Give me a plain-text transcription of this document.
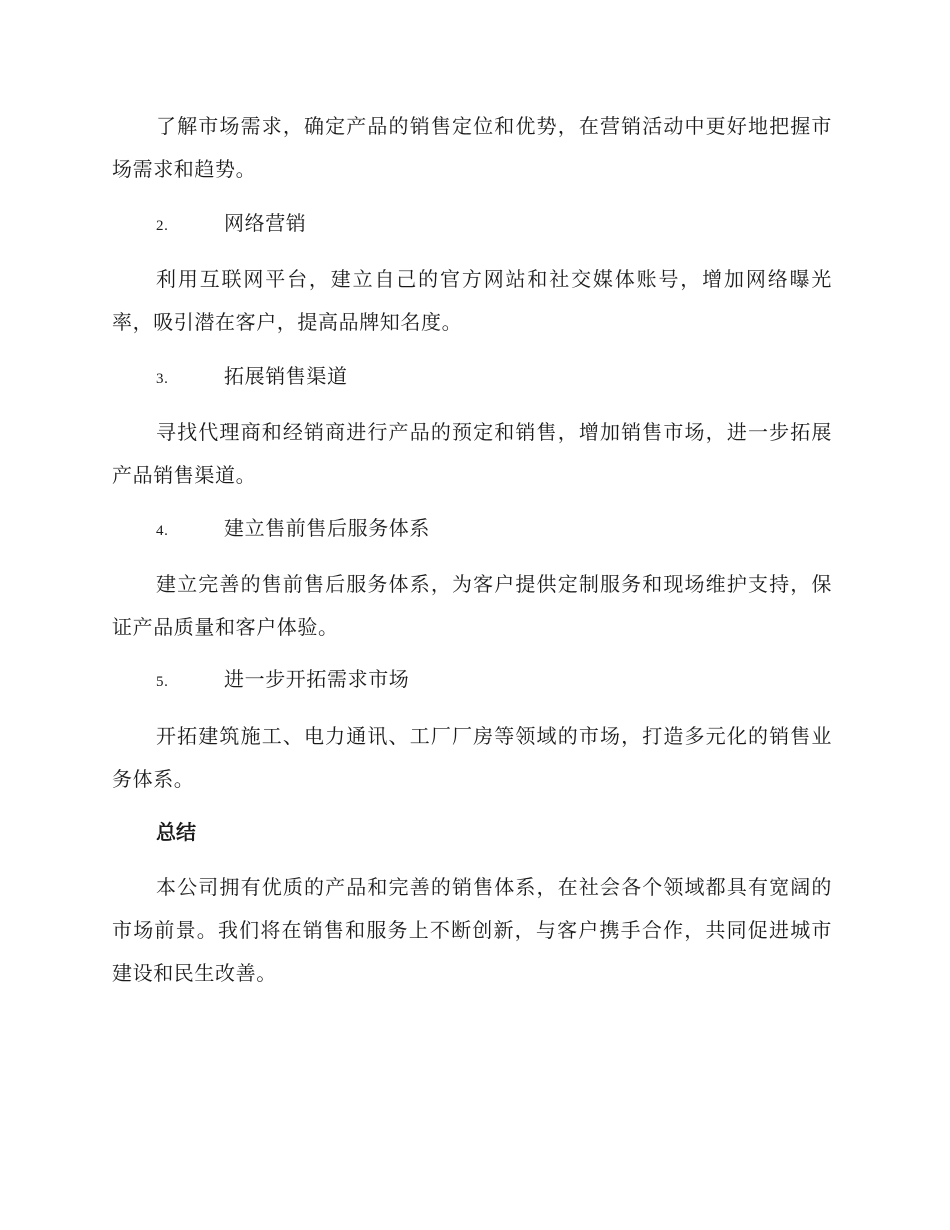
了解市场需求，确定产品的销售定位和优势，在营销活动中更好地把握市场需求和趋势。

2.	网络营销

利用互联网平台，建立自己的官方网站和社交媒体账号，增加网络曝光率，吸引潜在客户，提高品牌知名度。

3.	拓展销售渠道

寻找代理商和经销商进行产品的预定和销售，增加销售市场，进一步拓展产品销售渠道。

4.	建立售前售后服务体系

建立完善的售前售后服务体系，为客户提供定制服务和现场维护支持，保证产品质量和客户体验。

5.	进一步开拓需求市场

开拓建筑施工、电力通讯、工厂厂房等领域的市场，打造多元化的销售业务体系。

总结

本公司拥有优质的产品和完善的销售体系，在社会各个领域都具有宽阔的市场前景。我们将在销售和服务上不断创新，与客户携手合作，共同促进城市建设和民生改善。
